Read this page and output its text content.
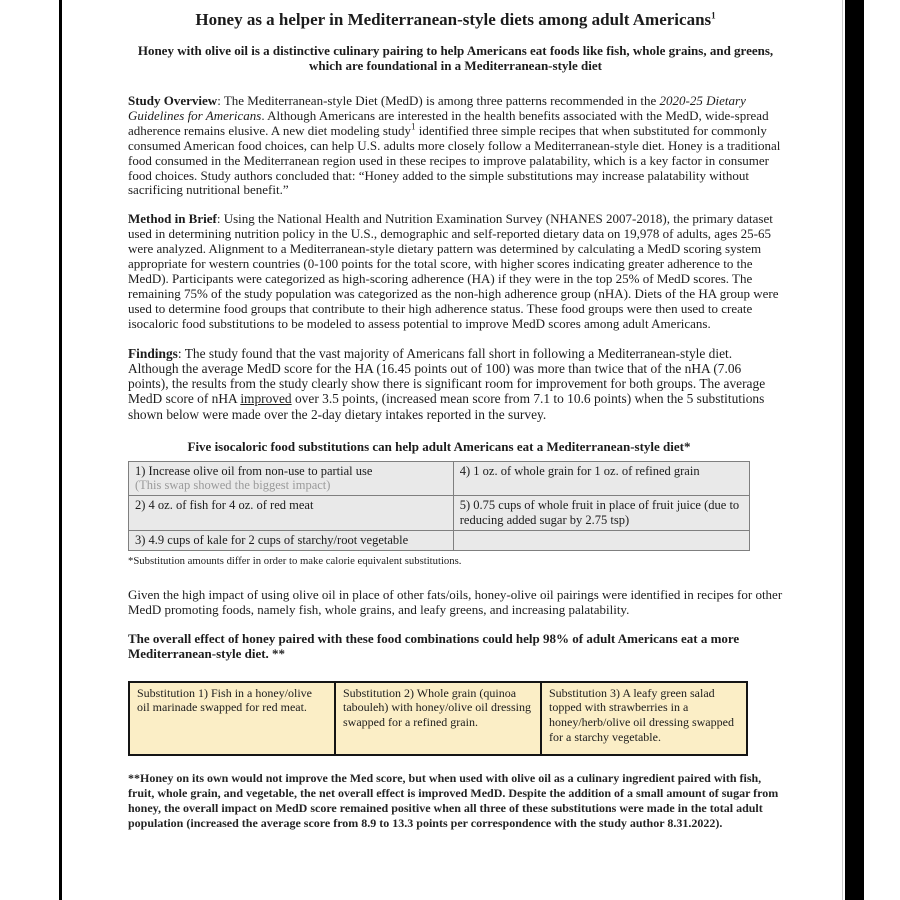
Honey as a helper in Mediterranean-style diets among adult Americans$^1$
Honey with olive oil is a distinctive culinary pairing to help Americans eat foods like fish, whole grains, and greens, which are foundational in a Mediterranean-style diet

Study Overview: The Mediterranean-style Diet (MedD) is among three patterns recommended in the 2020-25 Dietary Guidelines for Americans. Although Americans are interested in the health benefits associated with the MedD, wide-spread adherence remains elusive. A new diet modeling study$^1$ identified three simple recipes that when substituted for commonly consumed American food choices, can help U.S. adults more closely follow a Mediterranean-style diet. Honey is a traditional food consumed in the Mediterranean region used in these recipes to improve palatability, which is a key factor in consumer food choices. Study authors concluded that: “Honey added to the simple substitutions may increase palatability without sacrificing nutritional benefit.”

Method in Brief: Using the National Health and Nutrition Examination Survey (NHANES 2007-2018), the primary dataset used in determining nutrition policy in the U.S., demographic and self-reported dietary data on 19,978 of adults, ages 25-65 were analyzed. Alignment to a Mediterranean-style dietary pattern was determined by calculating a MedD scoring system appropriate for western countries (0-100 points for the total score, with higher scores indicating greater adherence to the MedD). Participants were categorized as high-scoring adherence (HA) if they were in the top 25% of MedD scores. The remaining 75% of the study population was categorized as the non-high adherence group (nHA). Diets of the HA group were used to determine food groups that contribute to their high adherence status. These food groups were then used to create isocaloric food substitutions to be modeled to assess potential to improve MedD scores among adult Americans.

Findings: The study found that the vast majority of Americans fall short in following a Mediterranean-style diet. Although the average MedD score for the HA (16.45 points out of 100) was more than twice that of the nHA (7.06 points), the results from the study clearly show there is significant room for improvement for both groups. The average MedD score of nHA improved over 3.5 points, (increased mean score from 7.1 to 10.6 points) when the 5 substitutions shown below were made over the 2-day dietary intakes reported in the survey.

Five isocaloric food substitutions can help adult Americans eat a Mediterranean-style diet*
1) Increase olive oil from non-use to partial use
(This swap showed the biggest impact)	4) 1 oz. of whole grain for 1 oz. of refined grain
2) 4 oz. of fish for 4 oz. of red meat	5) 0.75 cups of whole fruit in place of fruit juice (due to reducing added sugar by 2.75 tsp)
3) 4.9 cups of kale for 2 cups of starchy/root vegetable	

*Substitution amounts differ in order to make calorie equivalent substitutions.

Given the high impact of using olive oil in place of other fats/oils, honey-olive oil pairings were identified in recipes for other MedD promoting foods, namely fish, whole grains, and leafy greens, and increasing palatability.

The overall effect of honey paired with these food combinations could help 98% of adult Americans eat a more Mediterranean-style diet. **

Substitution 1) Fish in a honey/olive oil marinade swapped for red meat.	Substitution 2) Whole grain (quinoa tabouleh) with honey/olive oil dressing swapped for a refined grain.	Substitution 3) A leafy green salad topped with strawberries in a honey/herb/olive oil dressing swapped for a starchy vegetable.

**Honey on its own would not improve the Med score, but when used with olive oil as a culinary ingredient paired with fish, fruit, whole grain, and vegetable, the net overall effect is improved MedD. Despite the addition of a small amount of sugar from honey, the overall impact on MedD score remained positive when all three of these substitutions were made in the total adult population (increased the average score from 8.9 to 13.3 points per correspondence with the study author 8.31.2022).
